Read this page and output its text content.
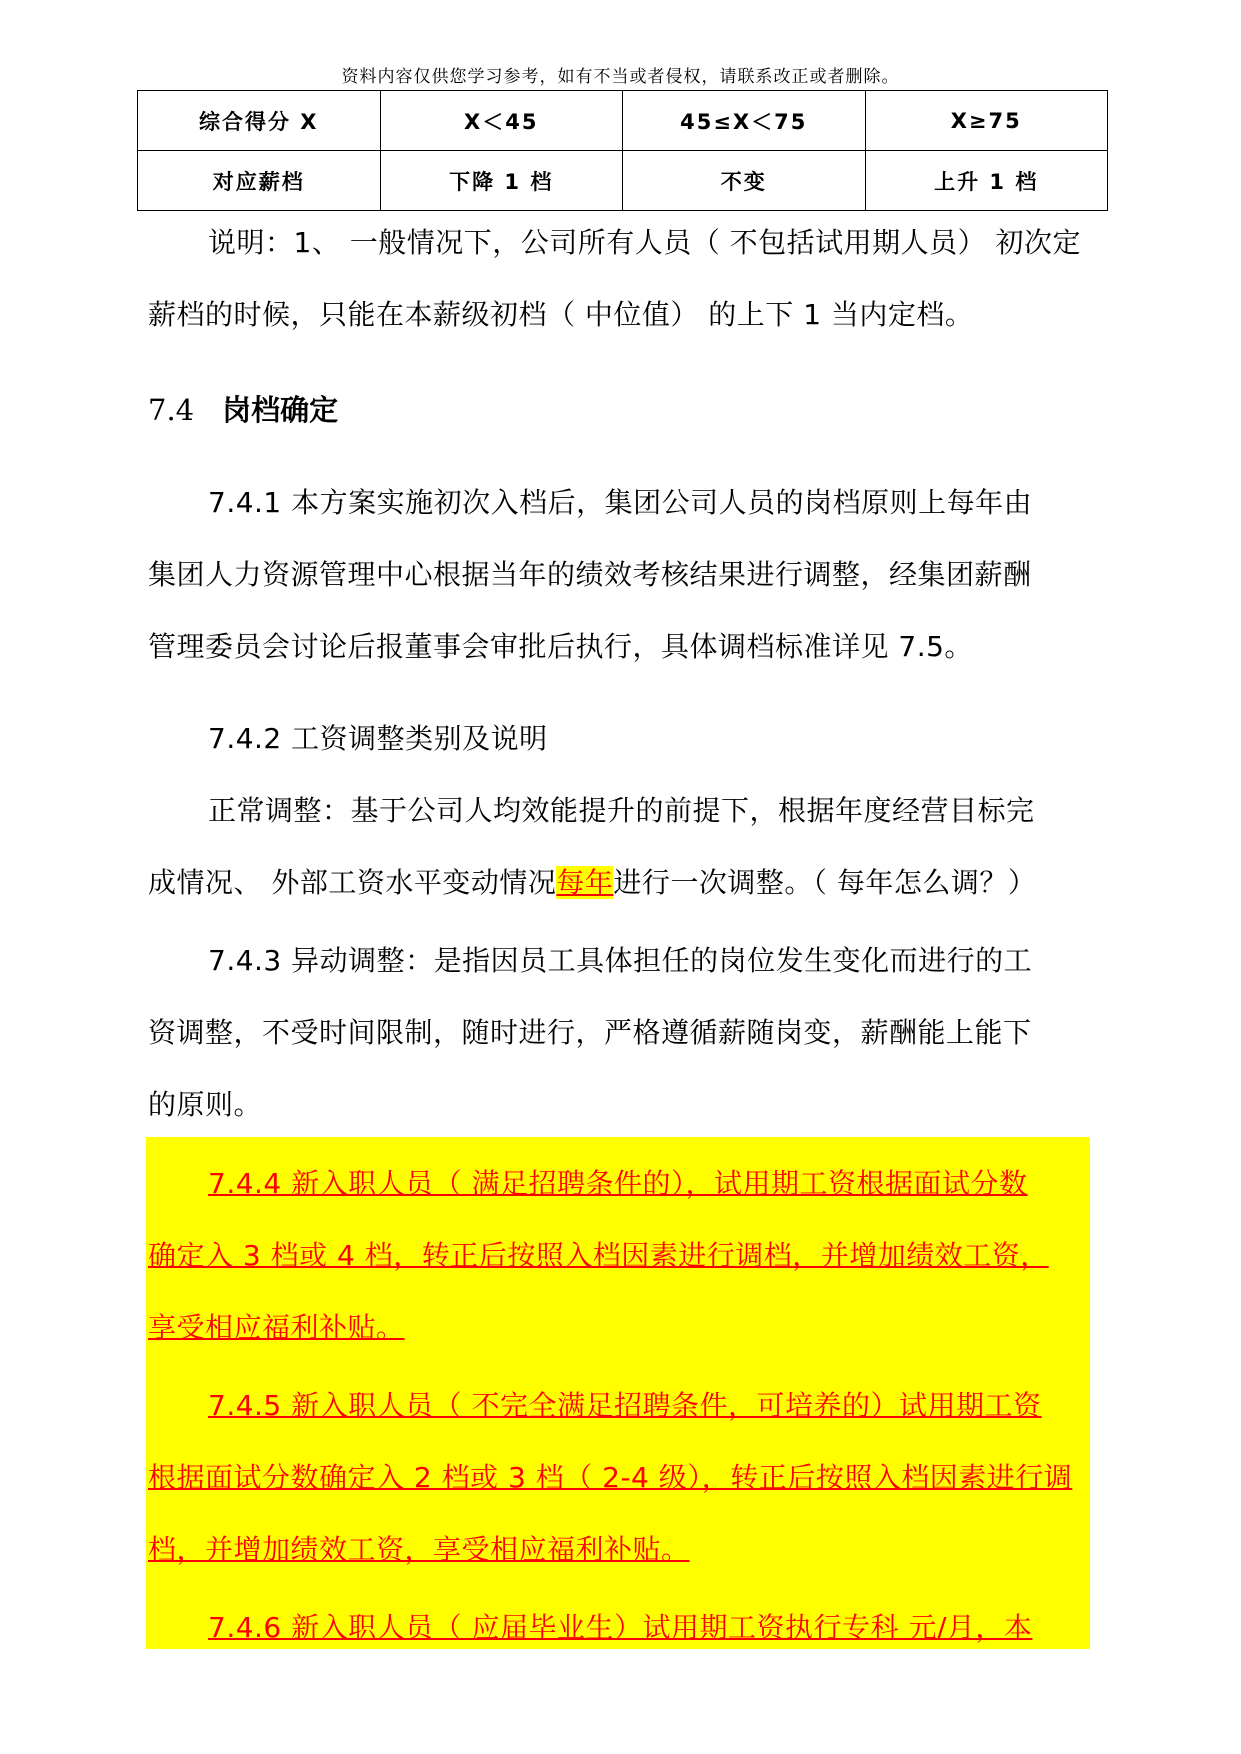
资料内容仅供您学习参考，如有不当或者侵权，请联系改正或者删除。
综合得分 X	X＜45	45≤X＜75	X≥75
对应薪档	下降 1 档	不变	上升 1 档
说明：1、 一般情况下，公司所有人员（ 不包括试用期人员） 初次定
薪档的时候，只能在本薪级初档（ 中位值） 的上下 1 当内定档。
7.4 岗档确定
7.4.1 本方案实施初次入档后，集团公司人员的岗档原则上每年由
集团人力资源管理中心根据当年的绩效考核结果进行调整，经集团薪酬
管理委员会讨论后报董事会审批后执行，具体调档标准详见 7.5。
7.4.2 工资调整类别及说明
正常调整：基于公司人均效能提升的前提下，根据年度经营目标完
成情况、 外部工资水平变动情况每年进行一次调整。（ 每年怎么调？）
7.4.3 异动调整：是指因员工具体担任的岗位发生变化而进行的工
资调整，不受时间限制，随时进行，严格遵循薪随岗变，薪酬能上能下
的原则。
7.4.4 新入职人员（ 满足招聘条件的），试用期工资根据面试分数
确定入 3 档或 4 档，转正后按照入档因素进行调档，并增加绩效工资，
享受相应福利补贴。
7.4.5 新入职人员（ 不完全满足招聘条件，可培养的）试用期工资
根据面试分数确定入 2 档或 3 档（ 2-4 级），转正后按照入档因素进行调
档，并增加绩效工资，享受相应福利补贴。
7.4.6 新入职人员（ 应届毕业生）试用期工资执行专科 元/月，本
